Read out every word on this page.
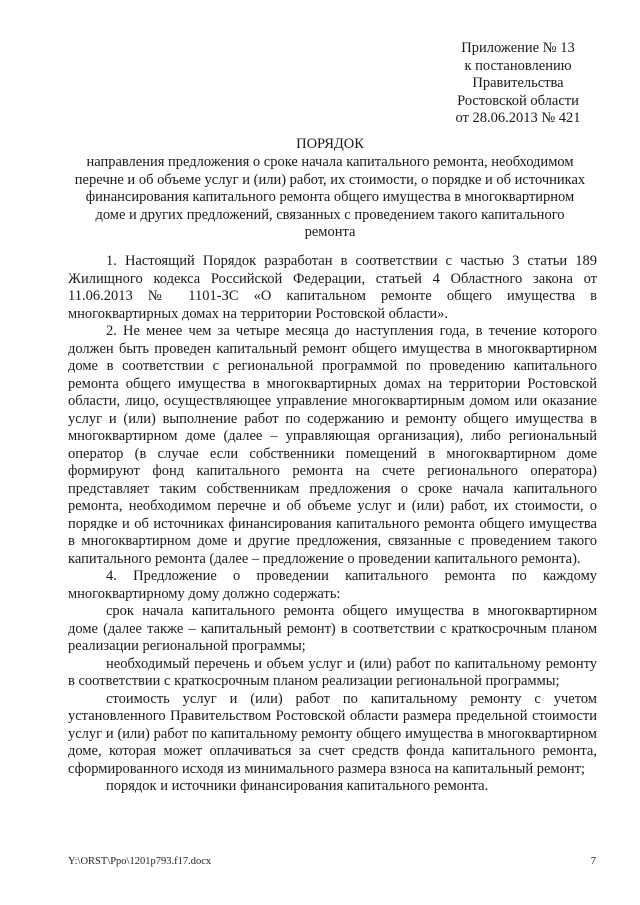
Приложение № 13
к постановлению
Правительства
Ростовской области
от 28.06.2013 № 421
ПОРЯДОК
направления предложения о сроке начала капитального ремонта, необходимом перечне и об объеме услуг и (или) работ, их стоимости, о порядке и об источниках финансирования капитального ремонта общего имущества в многоквартирном доме и других предложений, связанных с проведением такого капитального ремонта

1. Настоящий Порядок разработан в соответствии с частью 3 статьи 189 Жилищного кодекса Российской Федерации, статьей 4 Областного закона от 11.06.2013 № 1101-ЗС «О капитальном ремонте общего имущества в многоквартирных домах на территории Ростовской области».

2. Не менее чем за четыре месяца до наступления года, в течение которого должен быть проведен капитальный ремонт общего имущества в многоквартирном доме в соответствии с региональной программой по проведению капитального ремонта общего имущества в многоквартирных домах на территории Ростовской области, лицо, осуществляющее управление многоквартирным домом или оказание услуг и (или) выполнение работ по содержанию и ремонту общего имущества в многоквартирном доме (далее – управляющая организация), либо региональный оператор (в случае если собственники помещений в многоквартирном доме формируют фонд капитального ремонта на счете регионального оператора) представляет таким собственникам предложения о сроке начала капитального ремонта, необходимом перечне и об объеме услуг и (или) работ, их стоимости, о порядке и об источниках финансирования капитального ремонта общего имущества в многоквартирном доме и другие предложения, связанные с проведением такого капитального ремонта (далее – предложение о проведении капитального ремонта).

4. Предложение о проведении капитального ремонта по каждому многоквартирному дому должно содержать:

срок начала капитального ремонта общего имущества в многоквартирном доме (далее также – капитальный ремонт) в соответствии с краткосрочным планом реализации региональной программы;

необходимый перечень и объем услуг и (или) работ по капитальному ремонту в соответствии с краткосрочным планом реализации региональной программы;

стоимость услуг и (или) работ по капитальному ремонту с учетом установленного Правительством Ростовской области размера предельной стоимости услуг и (или) работ по капитальному ремонту общего имущества в многоквартирном доме, которая может оплачиваться за счет средств фонда капитального ремонта, сформированного исходя из минимального размера взноса на капитальный ремонт;

порядок и источники финансирования капитального ремонта.

Y:\ORST\Ppo\1201p793.f17.docx	7
